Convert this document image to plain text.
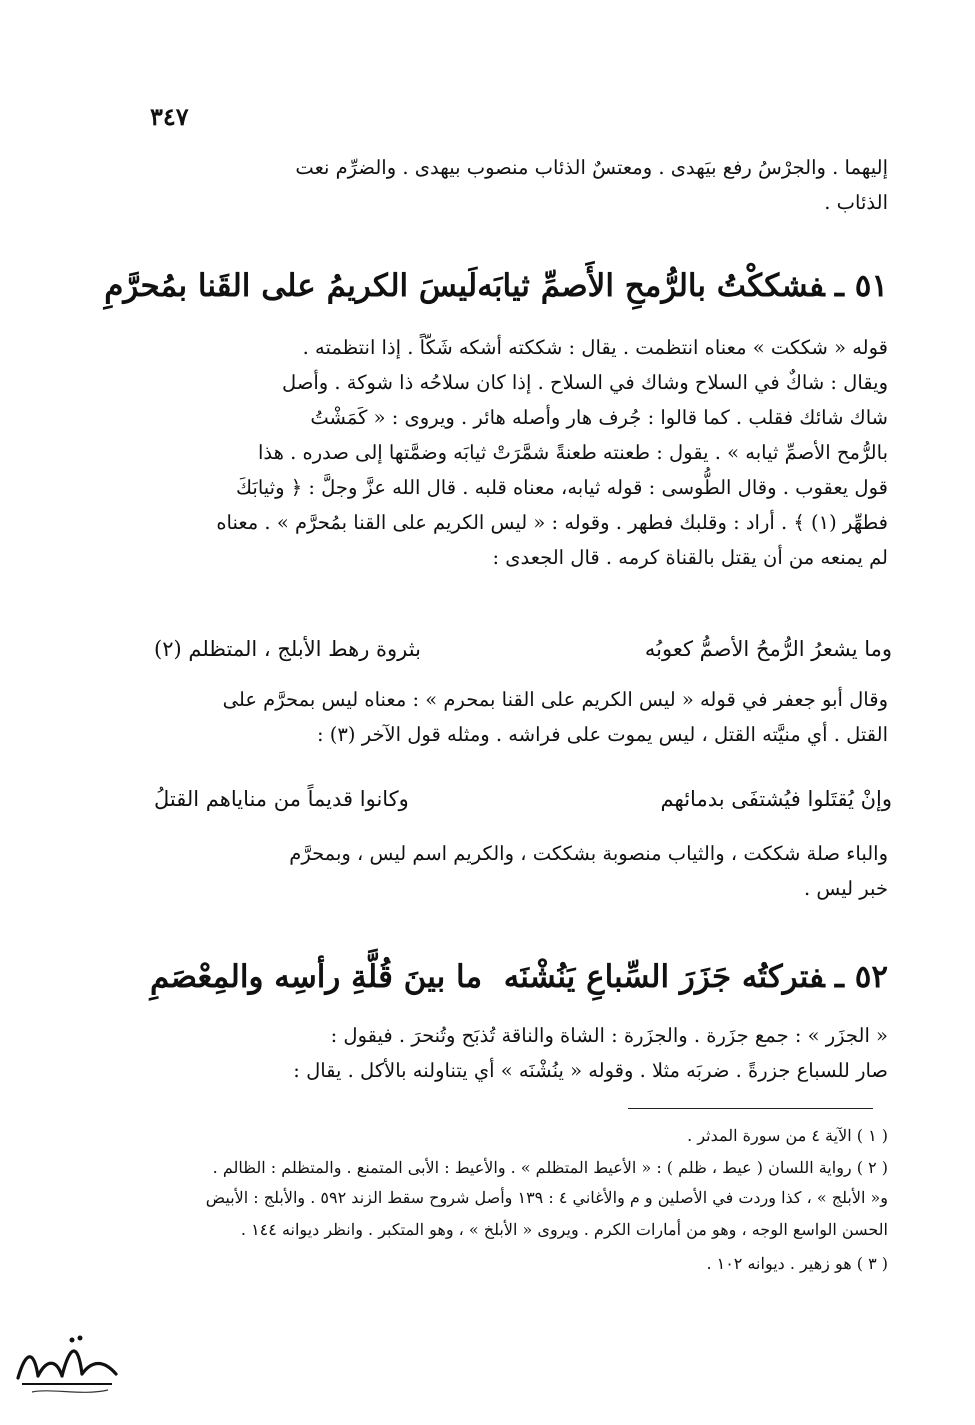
٣٤٧

إليهما . والجرْسُ رفع بيَهدى . ومعتسٌ الذئاب منصوب بيهدى . والضرِّم نعت

الذئاب .

٥١ ـفشككْتُ بالرُّمحِ الأَصمِّ ثيابَه
لَيسَ الكريمُ على القَنا بمُحرَّمِ

قوله « شككت » معناه انتظمت . يقال : شككته أشكه شَكّاً . إذا انتظمته .

ويقال : شاكٌ في السلاح وشاك في السلاح . إذا كان سلاحُه ذا شوكة . وأصل

شاك شائك فقلب . كما قالوا : جُرف هار وأصله هائر . ويروى : « كَمَشْتُ

بالرُّمح الأصمِّ ثيابه » . يقول : طعنته طعنةً شمَّرَتْ ثيابَه وضمَّتها إلى صدره . هذا

قول يعقوب . وقال الطُّوسى : قوله ثيابه، معناه قلبه . قال الله عزَّ وجلَّ : ﴿ وثيابَكَ

فطهِّر (١) ﴾ . أراد : وقلبك فطهر . وقوله : « ليس الكريم على القنا بمُحرَّم » . معناه

لم يمنعه من أن يقتل بالقناة كرمه . قال الجعدى :

وما يشعرُ الرُّمحُ الأصمُّ كعوبُه
بثروة رهط الأبلج ، المتظلم (٢)

وقال أبو جعفر في قوله « ليس الكريم على القنا بمحرم » : معناه ليس بمحرَّم على

القتل . أي منيَّته القتل ، ليس يموت على فراشه . ومثله قول الآخر (٣) :

وإنْ يُقتَلوا فيُشتفَى بدمائهم
وكانوا قديماً من مناياهم القتلُ

والباء صلة شككت ، والثياب منصوبة بشككت ، والكريم اسم ليس ، وبمحرَّم

خبر ليس .

٥٢ ـفتركتُه جَزَرَ السِّباعِ يَنُشْنَه
ما بينَ قُلَّةِ رأسِه والمِعْصَمِ

« الجزَر » : جمع جزَرة . والجزَرة : الشاة والناقة تُذبَح وتُنحرَ . فيقول :

صار للسباع جزرةً . ضربَه مثلا . وقوله « ينُشْنَه » أي يتناولنه بالأكل . يقال :

( ١ ) الآية ٤ من سورة المدثر .

( ٢ ) رواية اللسان ( عيط ، ظلم ) : « الأعيط المتظلم » . والأعيط : الأبى المتمنع . والمتظلم : الظالم .

و« الأبلج » ، كذا وردت في الأصلين و م والأغاني ٤ : ١٣٩ وأصل شروح سقط الزند ٥٩٢ . والأبلج : الأبيض

الحسن الواسع الوجه ، وهو من أمارات الكرم . ويروى « الأبلخ » ، وهو المتكبر . وانظر ديوانه ١٤٤ .

( ٣ ) هو زهير . ديوانه ١٠٢ .
